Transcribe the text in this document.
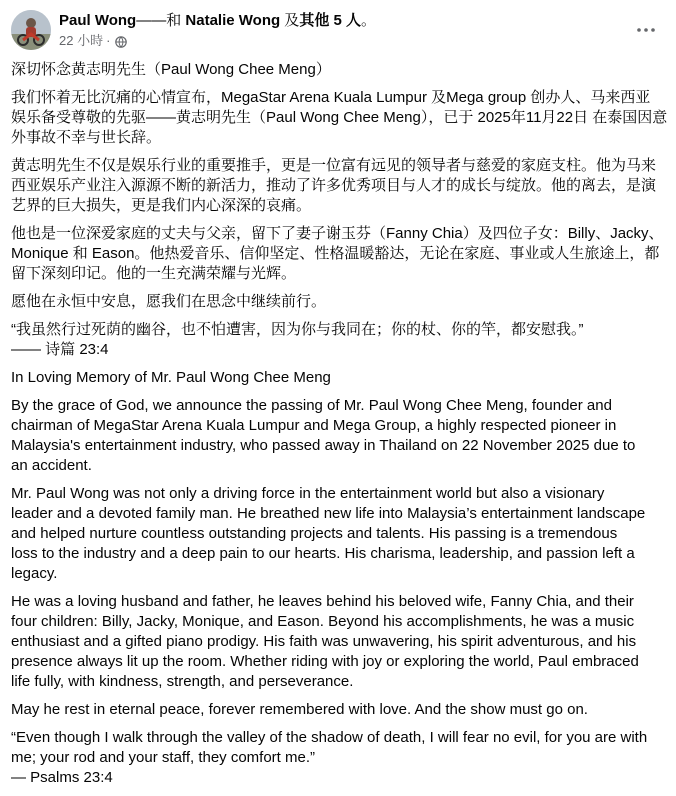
Paul Wong——和 Natalie Wong 及其他 5 人。
22 小時 ·

深切怀念黄志明先生（Paul Wong Chee Meng）

我们怀着无比沉痛的心情宣布，MegaStar Arena Kuala Lumpur 及Mega group 创办人、马来西亚
娱乐备受尊敬的先驱——黄志明先生（Paul Wong Chee Meng），已于 2025年11月22日 在泰国因意
外事故不幸与世长辞。

黄志明先生不仅是娱乐行业的重要推手，更是一位富有远见的领导者与慈爱的家庭支柱。他为马来
西亚娱乐产业注入源源不断的新活力，推动了许多优秀项目与人才的成长与绽放。他的离去，是演
艺界的巨大损失，更是我们内心深深的哀痛。

他也是一位深爱家庭的丈夫与父亲，留下了妻子谢玉芬（Fanny Chia）及四位子女：Billy、Jacky、
Monique 和 Eason。他热爱音乐、信仰坚定、性格温暖豁达，无论在家庭、事业或人生旅途上，都
留下深刻印记。他的一生充满荣耀与光辉。

愿他在永恒中安息，愿我们在思念中继续前行。

“我虽然行过死荫的幽谷，也不怕遭害，因为你与我同在；你的杖、你的竿，都安慰我。”
—— 诗篇 23:4

In Loving Memory of Mr. Paul Wong Chee Meng

By the grace of God, we announce the passing of Mr. Paul Wong Chee Meng, founder and
chairman of MegaStar Arena Kuala Lumpur and Mega Group, a highly respected pioneer in
Malaysia's entertainment industry, who passed away in Thailand on 22 November 2025 due to
an accident.

Mr. Paul Wong was not only a driving force in the entertainment world but also a visionary
leader and a devoted family man. He breathed new life into Malaysia’s entertainment landscape
and helped nurture countless outstanding projects and talents. His passing is a tremendous
loss to the industry and a deep pain to our hearts. His charisma, leadership, and passion left a
legacy.

He was a loving husband and father, he leaves behind his beloved wife, Fanny Chia, and their
four children: Billy, Jacky, Monique, and Eason. Beyond his accomplishments, he was a music
enthusiast and a gifted piano prodigy. His faith was unwavering, his spirit adventurous, and his
presence always lit up the room. Whether riding with joy or exploring the world, Paul embraced
life fully, with kindness, strength, and perseverance.

May he rest in eternal peace, forever remembered with love. And the show must go on.

“Even though I walk through the valley of the shadow of death, I will fear no evil, for you are with
me; your rod and your staff, they comfort me.”
— Psalms 23:4
